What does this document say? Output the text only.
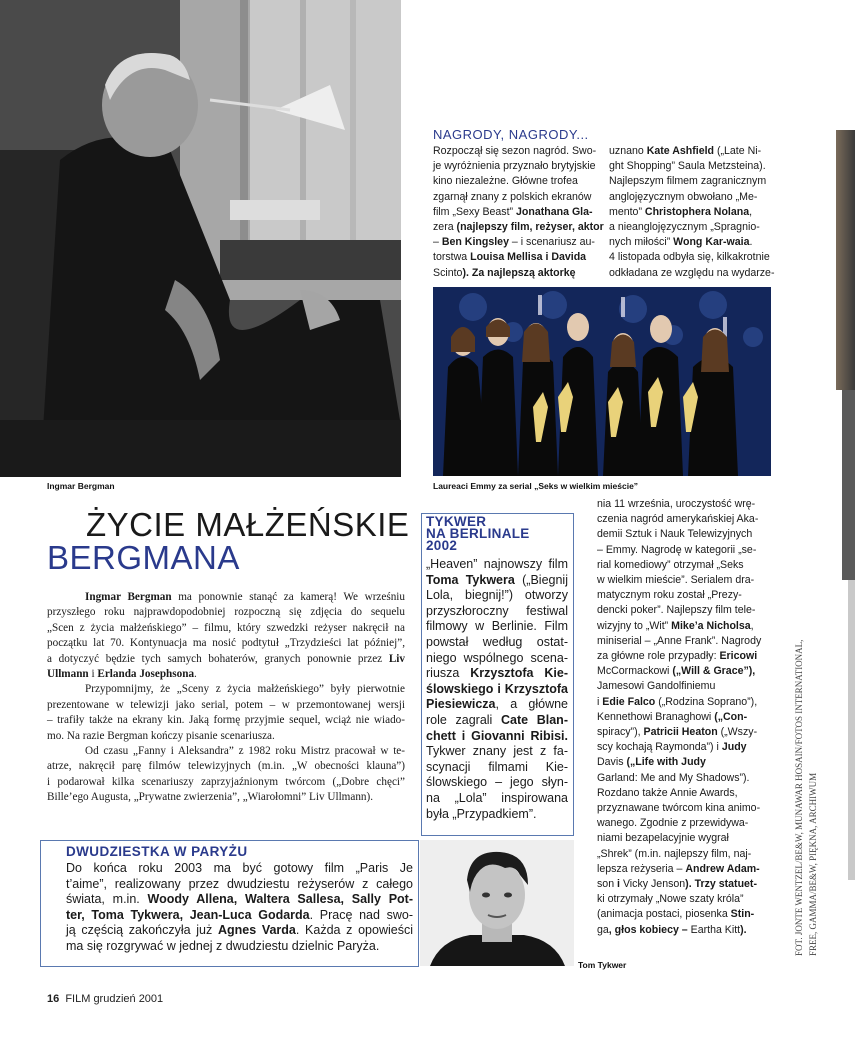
Ingmar Bergman
NAGRODY, NAGRODY...
Rozpoczął się sezon nagród. Swo-
je wyróżnienia przyznało brytyjskie
kino niezależne. Główne trofea
zgarnął znany z polskich ekranów
film „Sexy Beast” Jonathana Gla-
zera (najlepszy film, reżyser, aktor
– Ben Kingsley – i scenariusz au-
torstwa Louisa Mellisa i Davida
Scinto). Za najlepszą aktorkę
uznano Kate Ashfield („Late Ni-
ght Shopping” Saula Metzsteina).
Najlepszym filmem zagranicznym
anglojęzycznym obwołano „Me-
mento” Christophera Nolana,
a nieanglojęzycznym „Spragnio-
nych miłości” Wong Kar-waia.
4 listopada odbyła się, kilkakrotnie
odkładana ze względu na wydarze-
Laureaci Emmy za serial „Seks w wielkim mieście”
ŻYCIE MAŁŻEŃSKIE
BERGMANA
Ingmar Bergman ma ponownie stanąć za kamerą! We wrześniu
przyszłego roku najprawdopodobniej rozpoczną się zdjęcia do sequelu
„Scen z życia małżeńskiego” – filmu, który szwedzki reżyser nakręcił na
początku lat 70. Kontynuacja ma nosić podtytuł „Trzydzieści lat później”,
a dotyczyć będzie tych samych bohaterów, granych ponownie przez Liv
Ullmann i Erlanda Josephsona.
Przypomnijmy, że „Sceny z życia małżeńskiego” były pierwotnie
prezentowane w telewizji jako serial, potem – w przemontowanej wersji
– trafiły także na ekrany kin. Jaką formę przyjmie sequel, wciąż nie wiado-
mo. Na razie Bergman kończy pisanie scenariusza.
Od czasu „Fanny i Aleksandra” z 1982 roku Mistrz pracował w te-
atrze, nakręcił parę filmów telewizyjnych (m.in. „W obecności klauna”)
i podarował kilka scenariuszy zaprzyjaźnionym twórcom („Dobre chęci”
Bille’ego Augusta, „Prywatne zwierzenia”, „Wiarołomni” Liv Ullmann).
TYKWER
NA BERLINALE
2002
„Heaven” najnowszy film
Toma Tykwera („Biegnij
Lola, biegnij!”) otworzy
przyszłoroczny festiwal
filmowy w Berlinie. Film
powstał według ostat-
niego wspólnego scena-
riusza Krzysztofa Kie-
ślowskiego i Krzysztofa
Piesiewicza, a główne
role zagrali Cate Blan-
chett i Giovanni Ribisi.
Tykwer znany jest z fa-
scynacji filmami Kie-
ślowskiego – jego słyn-
na „Lola” inspirowana
była „Przypadkiem”.
DWUDZIESTKA W PARYŻU
Do końca roku 2003 ma być gotowy film „Paris Je
t’aime”, realizowany przez dwudziestu reżyserów z całego
świata, m.in. Woody Allena, Waltera Sallesa, Sally Pot-
ter, Toma Tykwera, Jean-Luca Godarda. Pracę nad swo-
ją częścią zakończyła już Agnes Varda. Każda z opowieści
ma się rozgrywać w jednej z dwudziestu dzielnic Paryża.
Tom Tykwer
nia 11 września, uroczystość wrę-
czenia nagród amerykańskiej Aka-
demii Sztuk i Nauk Telewizyjnych
– Emmy. Nagrodę w kategorii „se-
rial komediowy” otrzymał „Seks
w wielkim mieście”. Serialem dra-
matycznym roku został „Prezy-
dencki poker”. Najlepszy film tele-
wizyjny to „Wit” Mike’a Nicholsa,
miniserial – „Anne Frank”. Nagrody
za główne role przypadły: Ericowi
McCormackowi („Will & Grace”),
Jamesowi Gandolfiniemu
i Edie Falco („Rodzina Soprano”),
Kennethowi Branaghowi („Con-
spiracy”), Patricii Heaton („Wszy-
scy kochają Raymonda”) i Judy
Davis („Life with Judy
Garland: Me and My Shadows”).
Rozdano także Annie Awards,
przyznawane twórcom kina animo-
wanego. Zgodnie z przewidywa-
niami bezapelacyjnie wygrał
„Shrek” (m.in. najlepszy film, naj-
lepsza reżyseria – Andrew Adam-
son i Vicky Jenson). Trzy statuet-
ki otrzymały „Nowe szaty króla”
(animacja postaci, piosenka Stin-
ga, głos kobiecy – Eartha Kitt).	FOT. JONTE WENTZEL/BE&W, MUNAWAR HOSAIN/FOTOS INTERNATIONAL, FREE, GAMMA/BE&W, PIĘKNA, ARCHIWUM
16 FILM grudzień 2001
